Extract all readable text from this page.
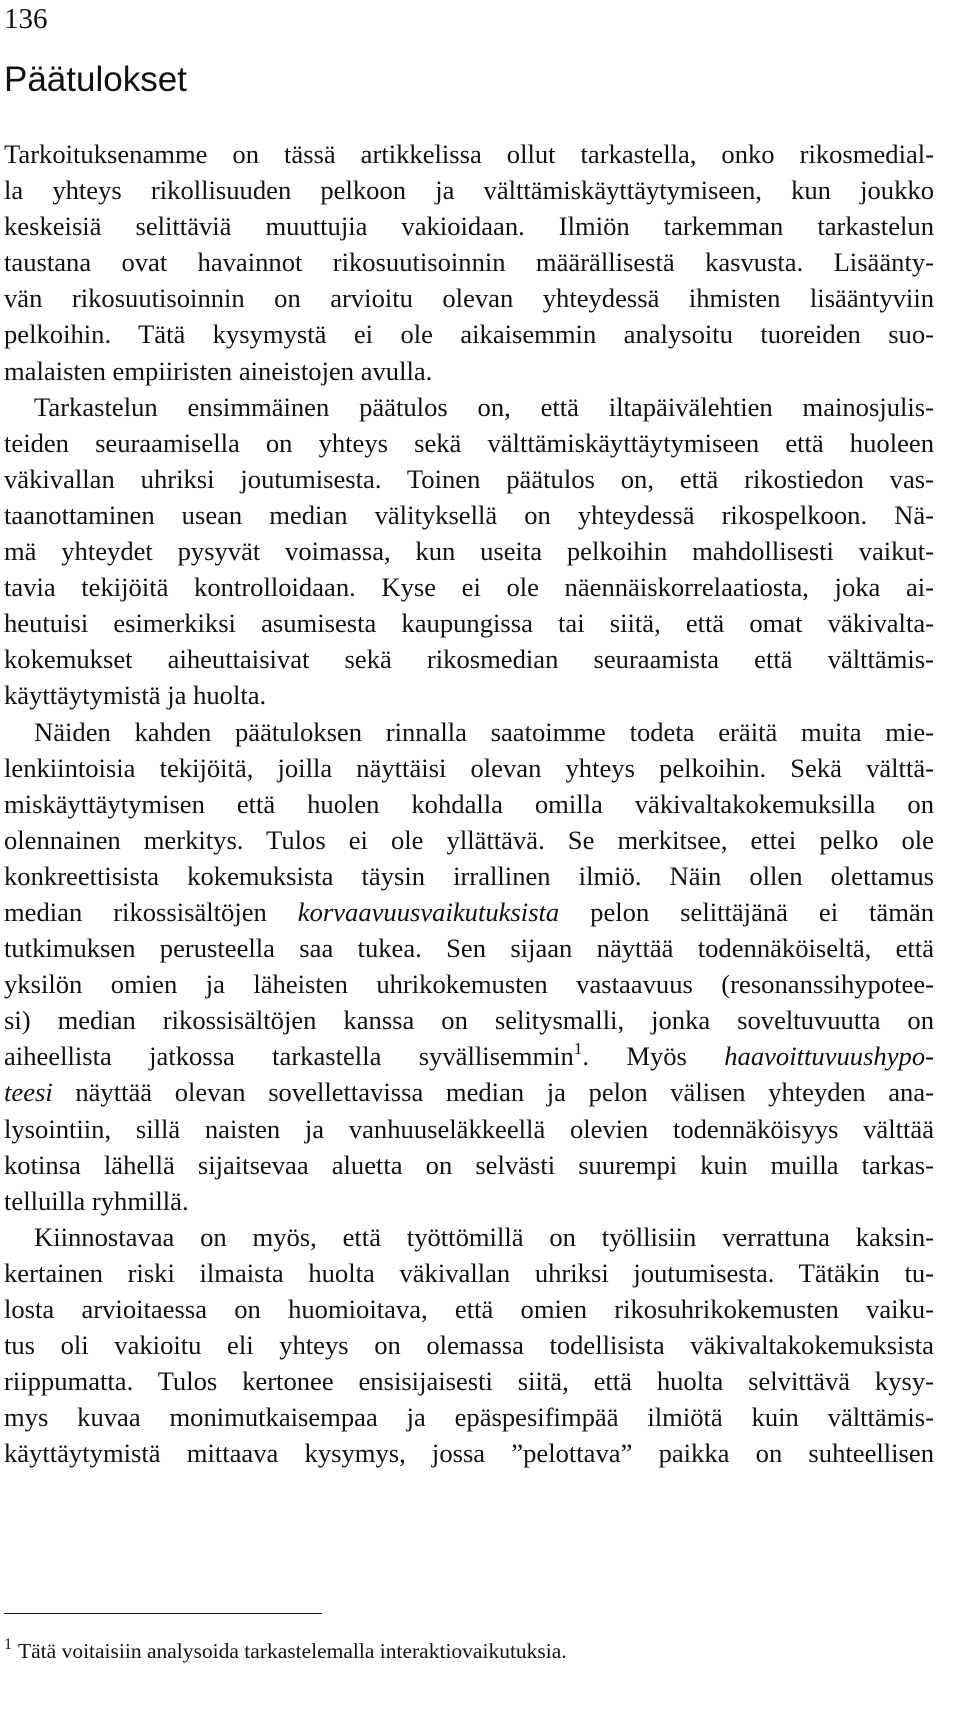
136
Päätulokset

Tarkoituksenamme on tässä artikkelissa ollut tarkastella, onko rikosmedial-
la yhteys rikollisuuden pelkoon ja välttämiskäyttäytymiseen, kun joukko
keskeisiä selittäviä muuttujia vakioidaan. Ilmiön tarkemman tarkastelun
taustana ovat havainnot rikosuutisoinnin määrällisestä kasvusta. Lisäänty-
vän rikosuutisoinnin on arvioitu olevan yhteydessä ihmisten lisääntyviin
pelkoihin. Tätä kysymystä ei ole aikaisemmin analysoitu tuoreiden suo-
malaisten empiiristen aineistojen avulla.

Tarkastelun ensimmäinen päätulos on, että iltapäivälehtien mainosjulis-
teiden seuraamisella on yhteys sekä välttämiskäyttäytymiseen että huoleen
väkivallan uhriksi joutumisesta. Toinen päätulos on, että rikostiedon vas-
taanottaminen usean median välityksellä on yhteydessä rikospelkoon. Nä-
mä yhteydet pysyvät voimassa, kun useita pelkoihin mahdollisesti vaikut-
tavia tekijöitä kontrolloidaan. Kyse ei ole näennäiskorrelaatiosta, joka ai-
heutuisi esimerkiksi asumisesta kaupungissa tai siitä, että omat väkivalta-
kokemukset aiheuttaisivat sekä rikosmedian seuraamista että välttämis-
käyttäytymistä ja huolta.

Näiden kahden päätuloksen rinnalla saatoimme todeta eräitä muita mie-
lenkiintoisia tekijöitä, joilla näyttäisi olevan yhteys pelkoihin. Sekä välttä-
miskäyttäytymisen että huolen kohdalla omilla väkivaltakokemuksilla on
olennainen merkitys. Tulos ei ole yllättävä. Se merkitsee, ettei pelko ole
konkreettisista kokemuksista täysin irrallinen ilmiö. Näin ollen olettamus
median rikossisältöjen korvaavuusvaikutuksista pelon selittäjänä ei tämän
tutkimuksen perusteella saa tukea. Sen sijaan näyttää todennäköiseltä, että
yksilön omien ja läheisten uhrikokemusten vastaavuus (resonanssihypotee-
si) median rikossisältöjen kanssa on selitysmalli, jonka soveltuvuutta on
aiheellista jatkossa tarkastella syvällisemmin$^1$. Myös haavoittuvuushypo-
teesi näyttää olevan sovellettavissa median ja pelon välisen yhteyden ana-
lysointiin, sillä naisten ja vanhuuseläkkeellä olevien todennäköisyys välttää
kotinsa lähellä sijaitsevaa aluetta on selvästi suurempi kuin muilla tarkas-
telluilla ryhmillä.

Kiinnostavaa on myös, että työttömillä on työllisiin verrattuna kaksin-
kertainen riski ilmaista huolta väkivallan uhriksi joutumisesta. Tätäkin tu-
losta arvioitaessa on huomioitava, että omien rikosuhrikokemusten vaiku-
tus oli vakioitu eli yhteys on olemassa todellisista väkivaltakokemuksista
riippumatta. Tulos kertonee ensisijaisesti siitä, että huolta selvittävä kysy-
mys kuvaa monimutkaisempaa ja epäspesifimpää ilmiötä kuin välttämis-
käyttäytymistä mittaava kysymys, jossa ”pelottava” paikka on suhteellisen

$^1$ Tätä voitaisiin analysoida tarkastelemalla interaktiovaikutuksia.
